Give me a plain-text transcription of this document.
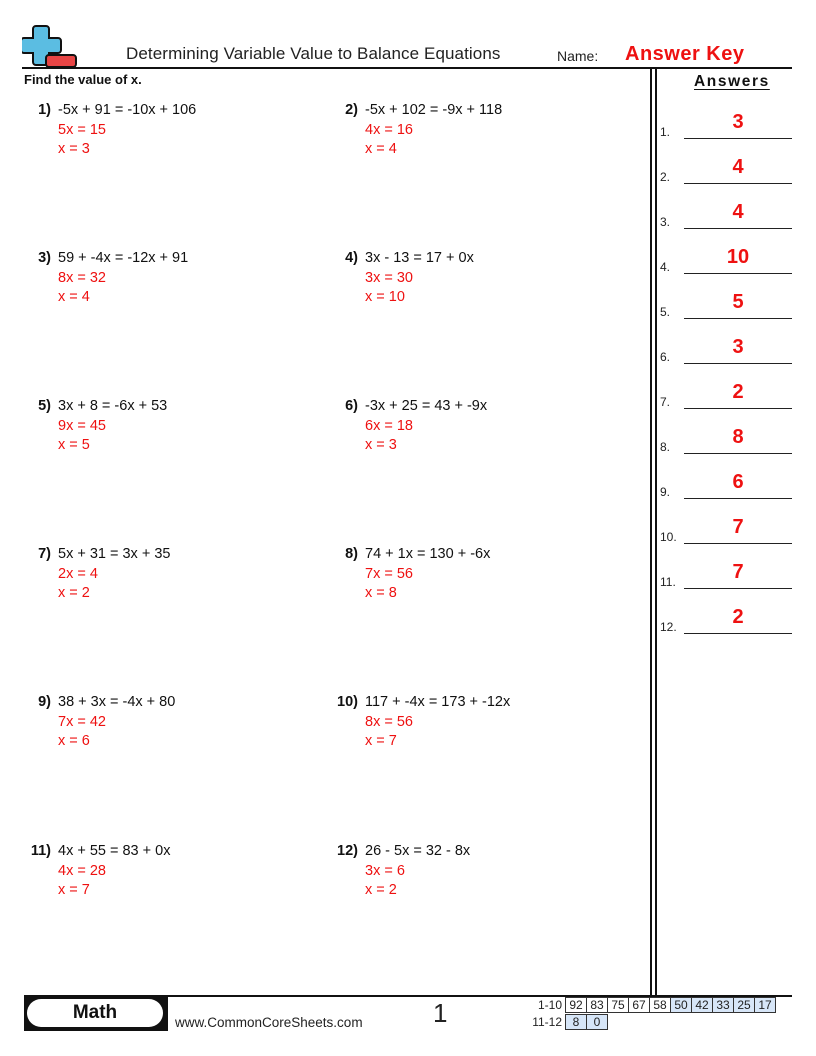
Determining Variable Value to Balance Equations	Name: Answer Key
Find the value of x.
1) -5x + 91 = -10x + 106
5x = 15
x = 3
2) -5x + 102 = -9x + 118
4x = 16
x = 4
3) 59 + -4x = -12x + 91
8x = 32
x = 4
4) 3x - 13 = 17 + 0x
3x = 30
x = 10
5) 3x + 8 = -6x + 53
9x = 45
x = 5
6) -3x + 25 = 43 + -9x
6x = 18
x = 3
7) 5x + 31 = 3x + 35
2x = 4
x = 2
8) 74 + 1x = 130 + -6x
7x = 56
x = 8
9) 38 + 3x = -4x + 80
7x = 42
x = 6
10) 117 + -4x = 173 + -12x
8x = 56
x = 7
11) 4x + 55 = 83 + 0x
4x = 28
x = 7
12) 26 - 5x = 32 - 8x
3x = 6
x = 2
Answers
1.	3
2.	4
3.	4
4.	10
5.	5
6.	3
7.	2
8.	8
9.	6
10.	7
11.	7
12.	2
Math	www.CommonCoreSheets.com	1	1-10 92 83 75 67 58 50 42 33 25 17
11-12 8	0
